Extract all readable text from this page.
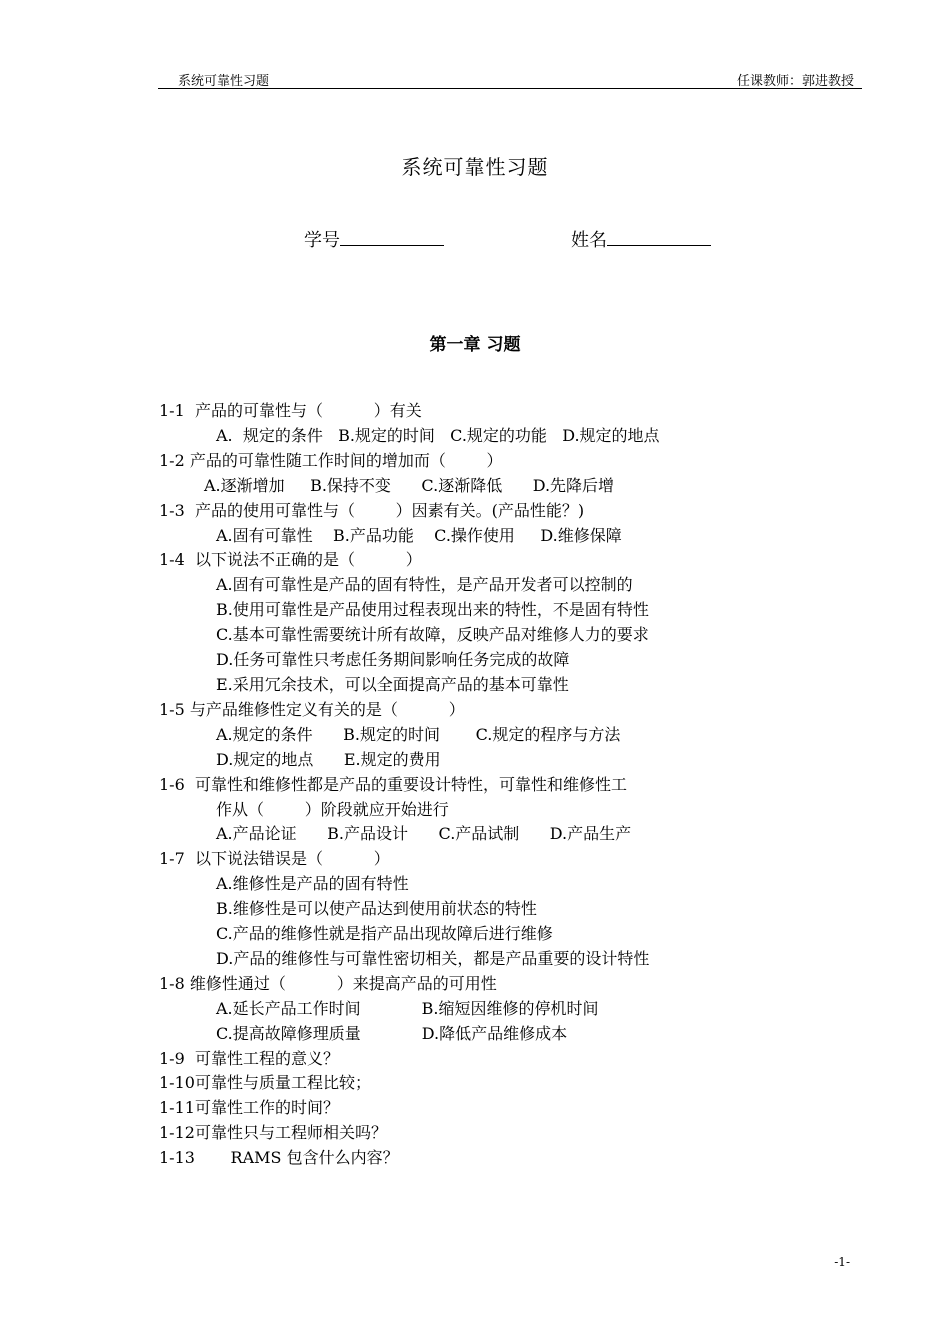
系统可靠性习题	任课教师：郭进教授
系统可靠性习题
学号	姓名
第一章 习题
1-1  产品的可靠性与（          ）有关
A.  规定的条件   B.规定的时间   C.规定的功能   D.规定的地点
1-2 产品的可靠性随工作时间的增加而（        ）
A.逐渐增加     B.保持不变      C.逐渐降低      D.先降后增
1-3  产品的使用可靠性与（        ）因素有关。(产品性能？)
A.固有可靠性    B.产品功能    C.操作使用     D.维修保障
1-4  以下说法不正确的是（          ）
A.固有可靠性是产品的固有特性，是产品开发者可以控制的
B.使用可靠性是产品使用过程表现出来的特性，不是固有特性
C.基本可靠性需要统计所有故障，反映产品对维修人力的要求
D.任务可靠性只考虑任务期间影响任务完成的故障
E.采用冗余技术，可以全面提高产品的基本可靠性
1-5 与产品维修性定义有关的是（          ）
A.规定的条件      B.规定的时间       C.规定的程序与方法
D.规定的地点      E.规定的费用
1-6  可靠性和维修性都是产品的重要设计特性，可靠性和维修性工
作从（        ）阶段就应开始进行
A.产品论证      B.产品设计      C.产品试制      D.产品生产
1-7  以下说法错误是（          ）
A.维修性是产品的固有特性
B.维修性是可以使产品达到使用前状态的特性
C.产品的维修性就是指产品出现故障后进行维修
D.产品的维修性与可靠性密切相关，都是产品重要的设计特性
1-8 维修性通过（          ）来提高产品的可用性
A.延长产品工作时间            B.缩短因维修的停机时间
C.提高故障修理质量            D.降低产品维修成本
1-9  可靠性工程的意义？
1-10可靠性与质量工程比较；
1-11可靠性工作的时间？
1-12可靠性只与工程师相关吗？
1-13       RAMS 包含什么内容？
-1-
